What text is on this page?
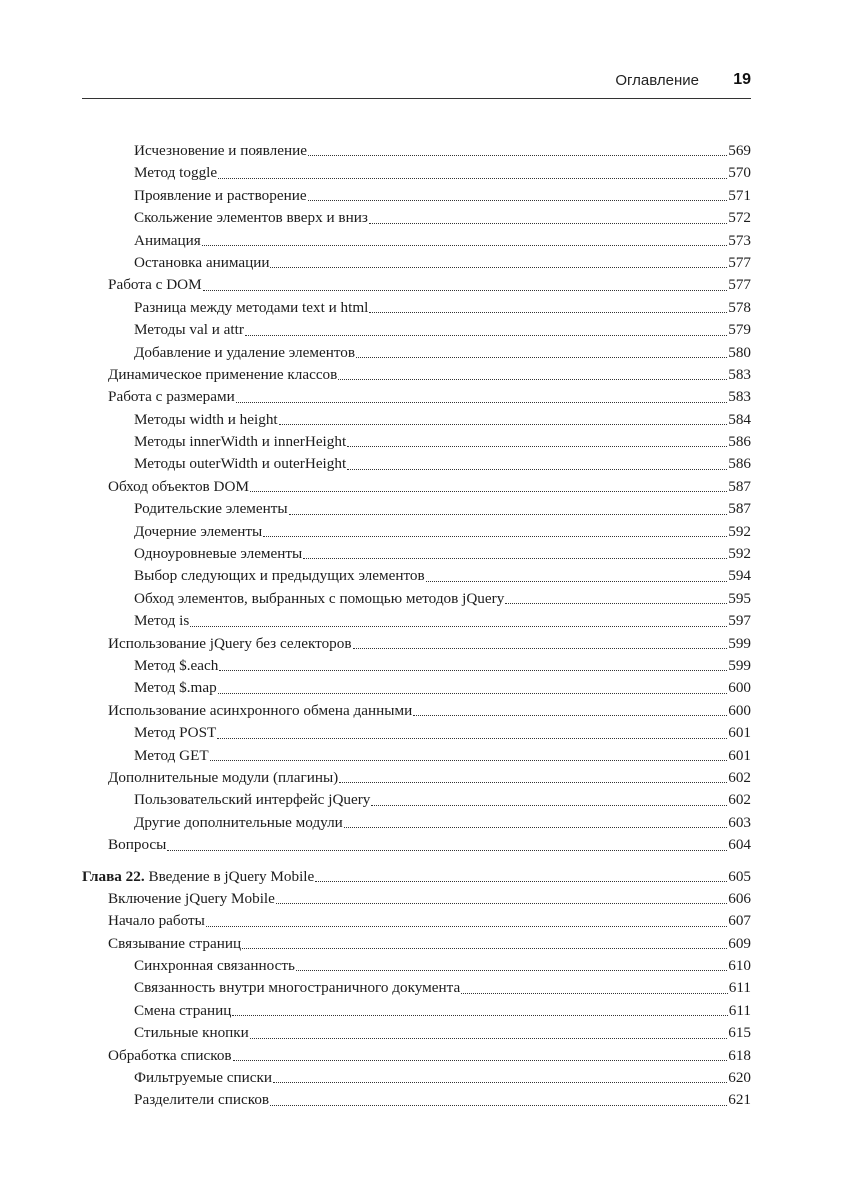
Оглавление 19
Исчезновение и появление	569
Метод toggle	570
Проявление и растворение	571
Скольжение элементов вверх и вниз	572
Анимация	573
Остановка анимации	577
Работа с DOM	577
Разница между методами text и html	578
Методы val и attr	579
Добавление и удаление элементов	580
Динамическое применение классов	583
Работа с размерами	583
Методы width и height	584
Методы innerWidth и innerHeight	586
Методы outerWidth и outerHeight	586
Обход объектов DOM	587
Родительские элементы	587
Дочерние элементы	592
Одноуровневые элементы	592
Выбор следующих и предыдущих элементов	594
Обход элементов, выбранных с помощью методов jQuery	595
Метод is	597
Использование jQuery без селекторов	599
Метод $.each	599
Метод $.map	600
Использование асинхронного обмена данными	600
Метод POST	601
Метод GET	601
Дополнительные модули (плагины)	602
Пользовательский интерфейс jQuery	602
Другие дополнительные модули	603
Вопросы	604
Глава 22. Введение в jQuery Mobile	605
Включение jQuery Mobile	606
Начало работы	607
Связывание страниц	609
Синхронная связанность	610
Связанность внутри многостраничного документа	611
Смена страниц	611
Стильные кнопки	615
Обработка списков	618
Фильтруемые списки	620
Разделители списков	621
